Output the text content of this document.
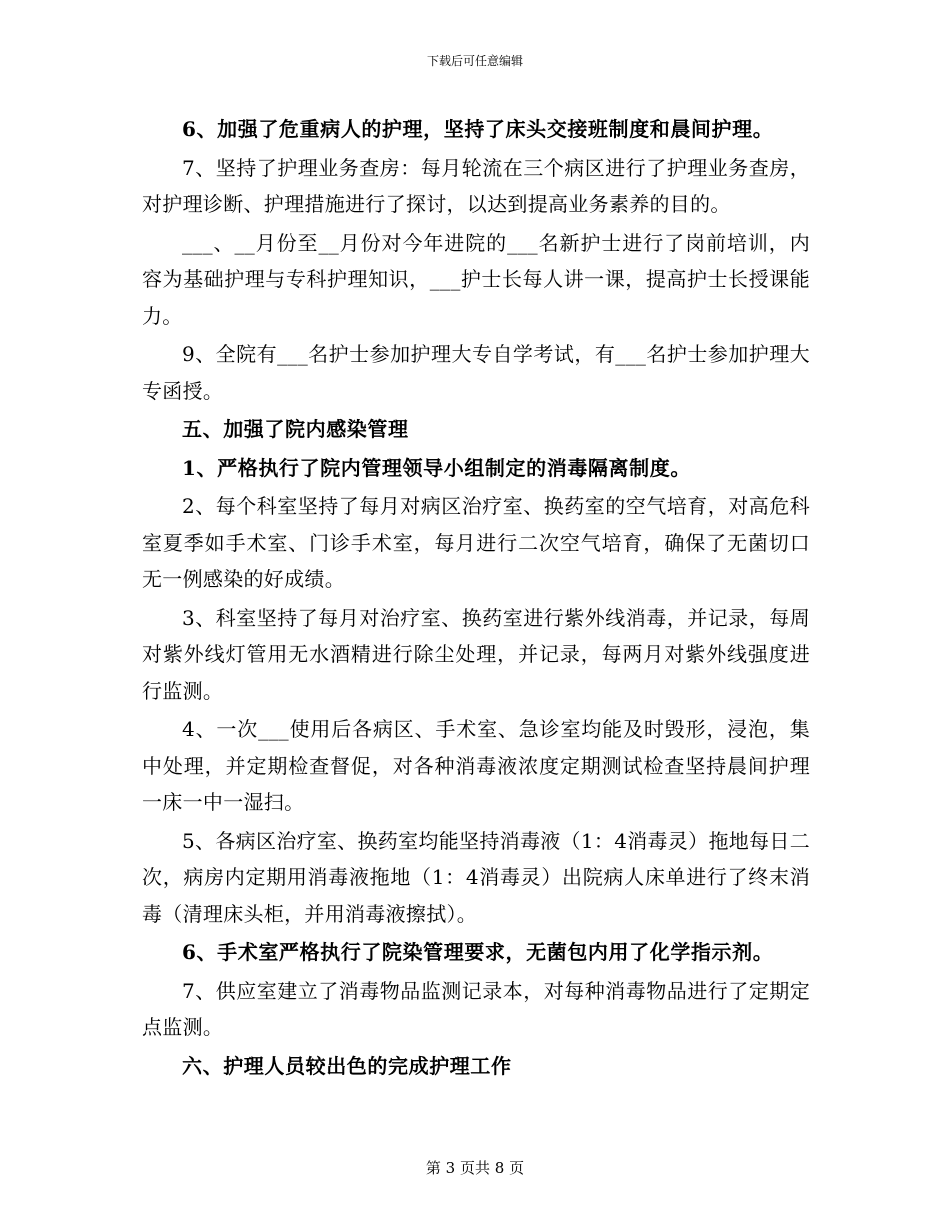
下载后可任意编辑

6、加强了危重病人的护理，坚持了床头交接班制度和晨间护理。

7、坚持了护理业务查房：每月轮流在三个病区进行了护理业务查房，对护理诊断、护理措施进行了探讨，以达到提高业务素养的目的。

___、__月份至__月份对今年进院的___名新护士进行了岗前培训，内容为基础护理与专科护理知识，___护士长每人讲一课，提高护士长授课能力。

9、全院有___名护士参加护理大专自学考试，有___名护士参加护理大专函授。

五、加强了院内感染管理

1、严格执行了院内管理领导小组制定的消毒隔离制度。

2、每个科室坚持了每月对病区治疗室、换药室的空气培育，对高危科室夏季如手术室、门诊手术室，每月进行二次空气培育，确保了无菌切口无一例感染的好成绩。

3、科室坚持了每月对治疗室、换药室进行紫外线消毒，并记录，每周对紫外线灯管用无水酒精进行除尘处理，并记录，每两月对紫外线强度进行监测。

4、一次___使用后各病区、手术室、急诊室均能及时毁形，浸泡，集中处理，并定期检查督促，对各种消毒液浓度定期测试检查坚持晨间护理一床一中一湿扫。

5、各病区治疗室、换药室均能坚持消毒液（1：4消毒灵）拖地每日二次，病房内定期用消毒液拖地（1：4消毒灵）出院病人床单进行了终末消毒（清理床头柜，并用消毒液擦拭）。

6、手术室严格执行了院染管理要求，无菌包内用了化学指示剂。

7、供应室建立了消毒物品监测记录本，对每种消毒物品进行了定期定点监测。

六、护理人员较出色的完成护理工作

第 3 页共 8 页
